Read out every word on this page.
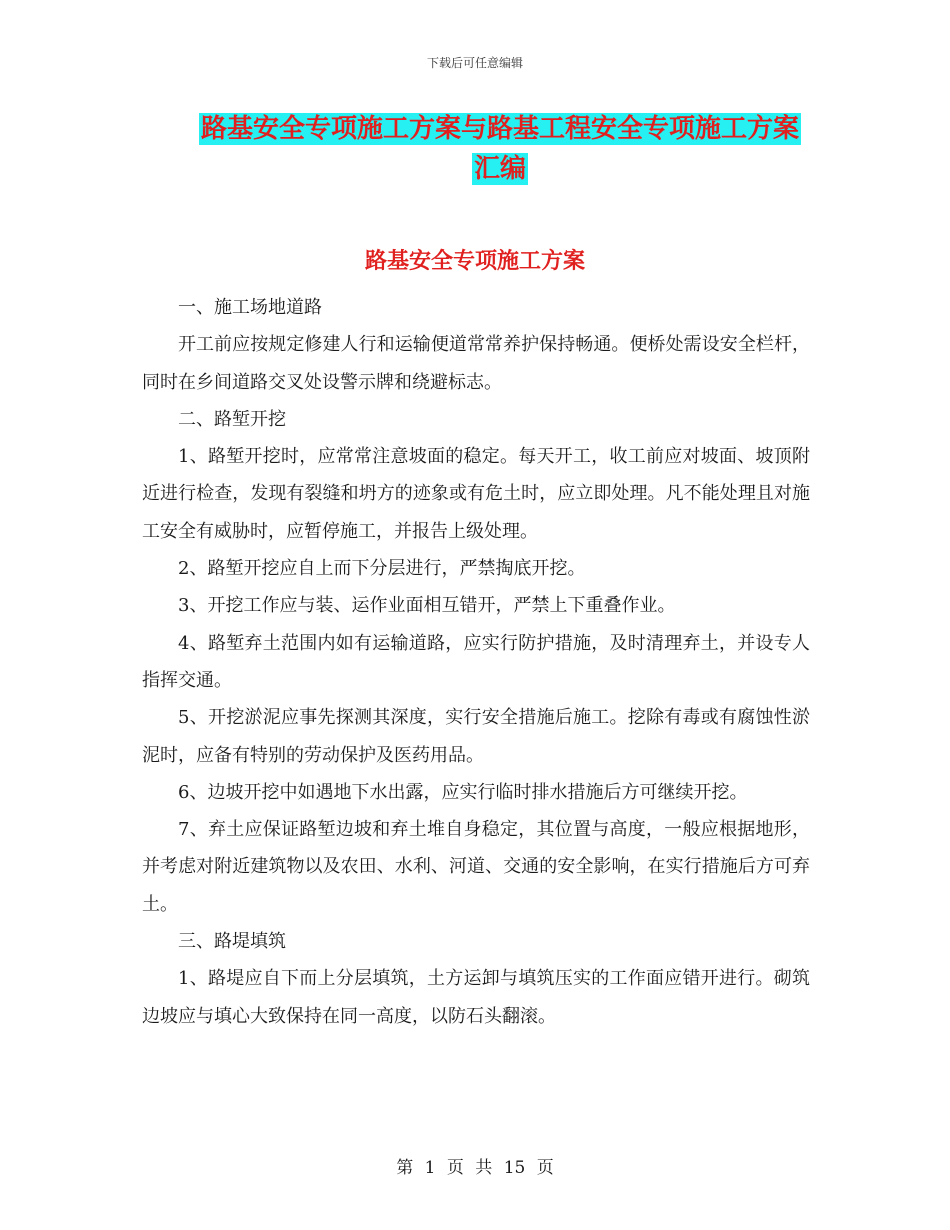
下载后可任意编辑
路基安全专项施工方案与路基工程安全专项施工方案
汇编
路基安全专项施工方案

一、施工场地道路

开工前应按规定修建人行和运输便道常常养护保持畅通。便桥处需设安全栏杆，同时在乡间道路交叉处设警示牌和绕避标志。

二、路堑开挖

1、路堑开挖时，应常常注意坡面的稳定。每天开工，收工前应对坡面、坡顶附近进行检查，发现有裂缝和坍方的迹象或有危土时，应立即处理。凡不能处理且对施工安全有威胁时，应暂停施工，并报告上级处理。

2、路堑开挖应自上而下分层进行，严禁掏底开挖。

3、开挖工作应与装、运作业面相互错开，严禁上下重叠作业。

4、路堑弃土范围内如有运输道路，应实行防护措施，及时清理弃土，并设专人指挥交通。

5、开挖淤泥应事先探测其深度，实行安全措施后施工。挖除有毒或有腐蚀性淤泥时，应备有特别的劳动保护及医药用品。

6、边坡开挖中如遇地下水出露，应实行临时排水措施后方可继续开挖。

7、弃土应保证路堑边坡和弃土堆自身稳定，其位置与高度，一般应根据地形，并考虑对附近建筑物以及农田、水利、河道、交通的安全影响，在实行措施后方可弃土。

三、路堤填筑

1、路堤应自下而上分层填筑，土方运卸与填筑压实的工作面应错开进行。砌筑边坡应与填心大致保持在同一高度，以防石头翻滚。

第 1 页 共 15 页
